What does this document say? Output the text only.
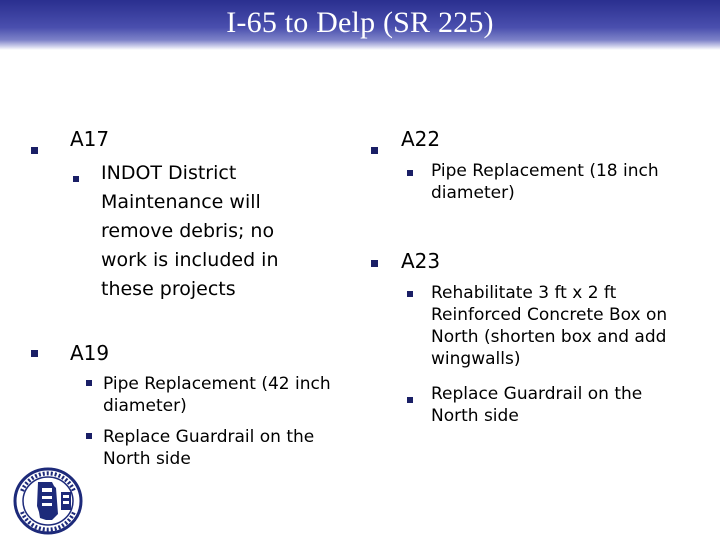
I-65 to Delp (SR 225)
A17
INDOT District Maintenance will remove debris; no work is included in these projects
A19
Pipe Replacement (42 inch diameter)
Replace Guardrail on the North side
A22
Pipe Replacement (18 inch diameter)
A23
Rehabilitate 3 ft x 2 ft Reinforced Concrete Box on North (shorten box and add wingwalls)
Replace Guardrail on the North side
